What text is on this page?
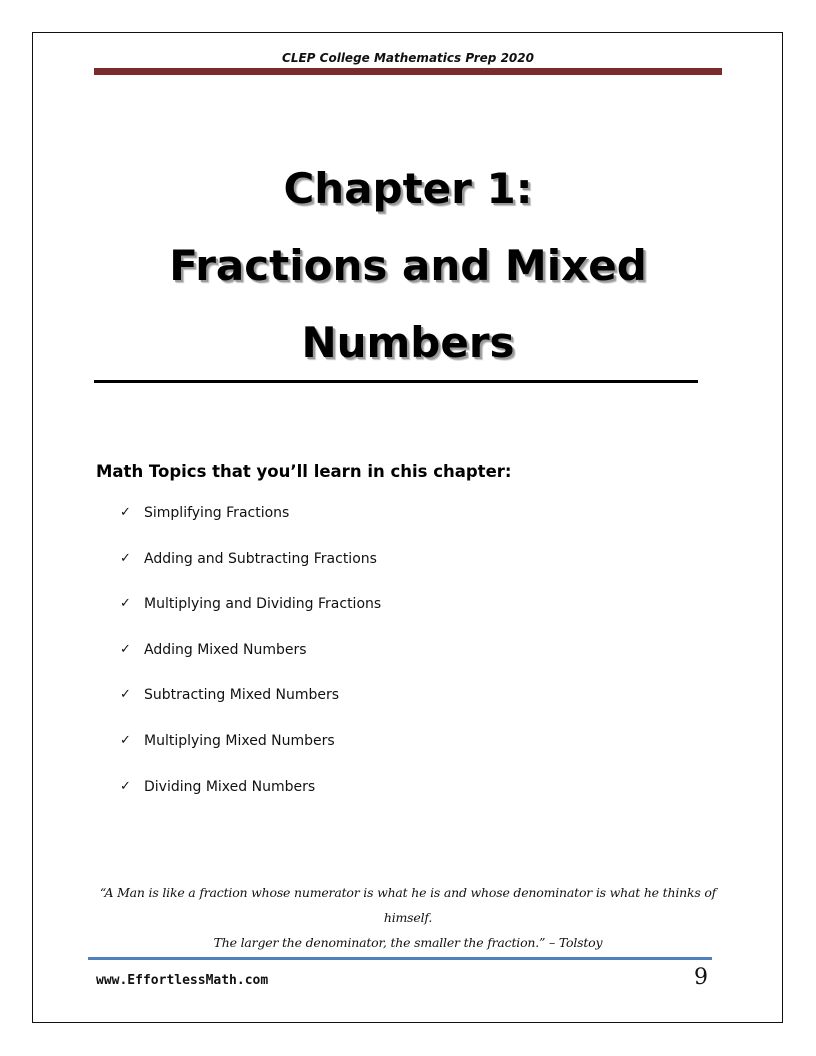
CLEP College Mathematics Prep 2020
Chapter 1:
Fractions and Mixed
Numbers
Math Topics that you’ll learn in chis chapter:
✓ Simplifying Fractions
✓ Adding and Subtracting Fractions
✓ Multiplying and Dividing Fractions
✓ Adding Mixed Numbers
✓ Subtracting Mixed Numbers
✓ Multiplying Mixed Numbers
✓ Dividing Mixed Numbers

“A Man is like a fraction whose numerator is what he is and whose denominator is what he thinks of himself.
The larger the denominator, the smaller the fraction.” – Tolstoy

www.EffortlessMath.com	9
